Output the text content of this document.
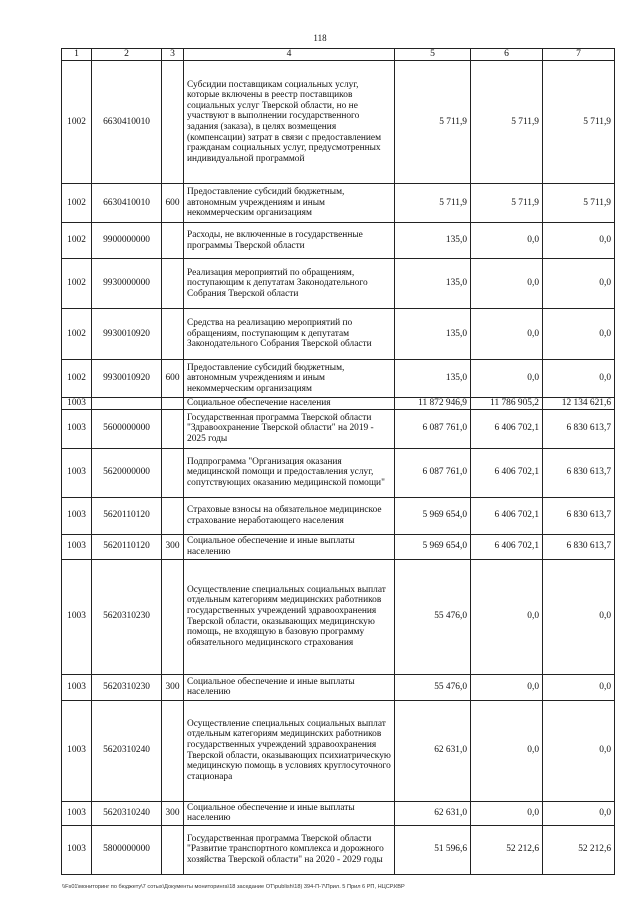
118
1	2	3	4	5	6	7
1002	6630410010		Субсидии поставщикам социальных услуг, которые включены в реестр поставщиков социальных услуг Тверской области, но не участвуют в выполнении государственного задания (заказа), в целях возмещения (компенсации) затрат в связи с предоставлением гражданам социальных услуг, предусмотренных индивидуальной программой	5 711,9	5 711,9	5 711,9
1002	6630410010	600	Предоставление субсидий бюджетным, автономным учреждениям и иным некоммерческим организациям	5 711,9	5 711,9	5 711,9
1002	9900000000		Расходы, не включенные в государственные программы Тверской области	135,0	0,0	0,0
1002	9930000000		Реализация мероприятий по обращениям, поступающим к депутатам Законодательного Собрания Тверской области	135,0	0,0	0,0
1002	9930010920		Средства на реализацию мероприятий по обращениям, поступающим к депутатам Законодательного Собрания Тверской области	135,0	0,0	0,0
1002	9930010920	600	Предоставление субсидий бюджетным, автономным учреждениям и иным некоммерческим организациям	135,0	0,0	0,0
1003			Социальное обеспечение населения	11 872 946,9	11 786 905,2	12 134 621,6
1003	5600000000		Государственная программа Тверской области "Здравоохранение Тверской области" на 2019 - 2025 годы	6 087 761,0	6 406 702,1	6 830 613,7
1003	5620000000		Подпрограмма "Организация оказания медицинской помощи и предоставления услуг, сопутствующих оказанию медицинской помощи"	6 087 761,0	6 406 702,1	6 830 613,7
1003	5620110120		Страховые взносы на обязательное медицинское страхование неработающего населения	5 969 654,0	6 406 702,1	6 830 613,7
1003	5620110120	300	Социальное обеспечение и иные выплаты населению	5 969 654,0	6 406 702,1	6 830 613,7
1003	5620310230		Осуществление специальных социальных выплат отдельным категориям медицинских работников государственных учреждений здравоохранения Тверской области, оказывающих медицинскую помощь, не входящую в базовую программу обязательного медицинского страхования	55 476,0	0,0	0,0
1003	5620310230	300	Социальное обеспечение и иные выплаты населению	55 476,0	0,0	0,0
1003	5620310240		Осуществление специальных социальных выплат отдельным категориям медицинских работников государственных учреждений здравоохранения Тверской области, оказывающих психиатрическую медицинскую помощь в условиях круглосуточного стационара	62 631,0	0,0	0,0
1003	5620310240	300	Социальное обеспечение и иные выплаты населению	62 631,0	0,0	0,0
1003	5800000000		Государственная программа Тверской области "Развитие транспортного комплекса и дорожного хозяйства Тверской области" на 2020 - 2029 годы	51 596,6	52 212,6	52 212,6
\\Fs01\мониторинг по бюджету\7 сотых\Документы мониторинга\18 заседание ОТ\publish\18) 394-П-7\Прил. 5 Прил 6 РП, НЦСР.КВР
